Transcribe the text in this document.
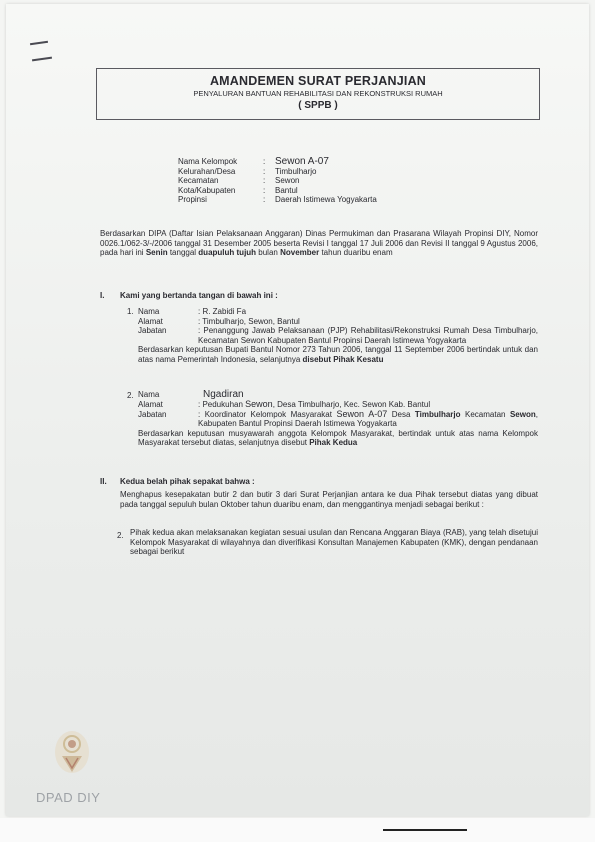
AMANDEMEN SURAT PERJANJIAN
PENYALURAN BANTUAN REHABILITASI DAN REKONSTRUKSI RUMAH
( SPPB )
Nama Kelompok	: Sewon A-07
Kelurahan/Desa	:	Timbulharjo
Kecamatan	:	Sewon
Kota/Kabupaten	:	Bantul
Propinsi	:	Daerah Istimewa Yogyakarta
Berdasarkan DIPA (Daftar Isian Pelaksanaan Anggaran) Dinas Permukiman dan Prasarana Wilayah Propinsi DIY, Nomor 0026.1/062-3/-/2006 tanggal 31 Desember 2005 beserta Revisi I tanggal 17 Juli 2006 dan Revisi II tanggal 9 Agustus 2006, pada hari ini Senin tanggal duapuluh tujuh bulan November tahun duaribu enam
I. Kami yang bertanda tangan di bawah ini :
1. Nama	: R. Zabidi Fa
Alamat	: Timbulharjo, Sewon, Bantul
Jabatan	: Penanggung Jawab Pelaksanaan (PJP) Rehabilitasi/Rekonstruksi Rumah Desa Timbulharjo, Kecamatan Sewon Kabupaten Bantul Propinsi Daerah Istimewa Yogyakarta
Berdasarkan keputusan Bupati Bantul Nomor 273 Tahun 2006, tanggal 11 September 2006 bertindak untuk dan atas nama Pemerintah Indonesia, selanjutnya disebut Pihak Kesatu
2. Nama	Ngadiran
Alamat	: Pedukuhan Sewon, Desa Timbulharjo, Kec. Sewon Kab. Bantul
Jabatan	: Koordinator Kelompok Masyarakat Sewon A-07 Desa Timbulharjo Kecamatan Sewon, Kabupaten Bantul Propinsi Daerah Istimewa Yogyakarta
Berdasarkan keputusan musyawarah anggota Kelompok Masyarakat, bertindak untuk atas nama Kelompok Masyarakat tersebut diatas, selanjutnya disebut Pihak Kedua
II. Kedua belah pihak sepakat bahwa :
Menghapus kesepakatan butir 2 dan butir 3 dari Surat Perjanjian antara ke dua Pihak tersebut diatas yang dibuat pada tanggal sepuluh bulan Oktober tahun duaribu enam, dan menggantinya menjadi sebagai berikut :
2. Pihak kedua akan melaksanakan kegiatan sesuai usulan dan Rencana Anggaran Biaya (RAB), yang telah disetujui Kelompok Masyarakat di wilayahnya dan diverifikasi Konsultan Manajemen Kabupaten (KMK), dengan pendanaan sebagai berikut
DPAD DIY
